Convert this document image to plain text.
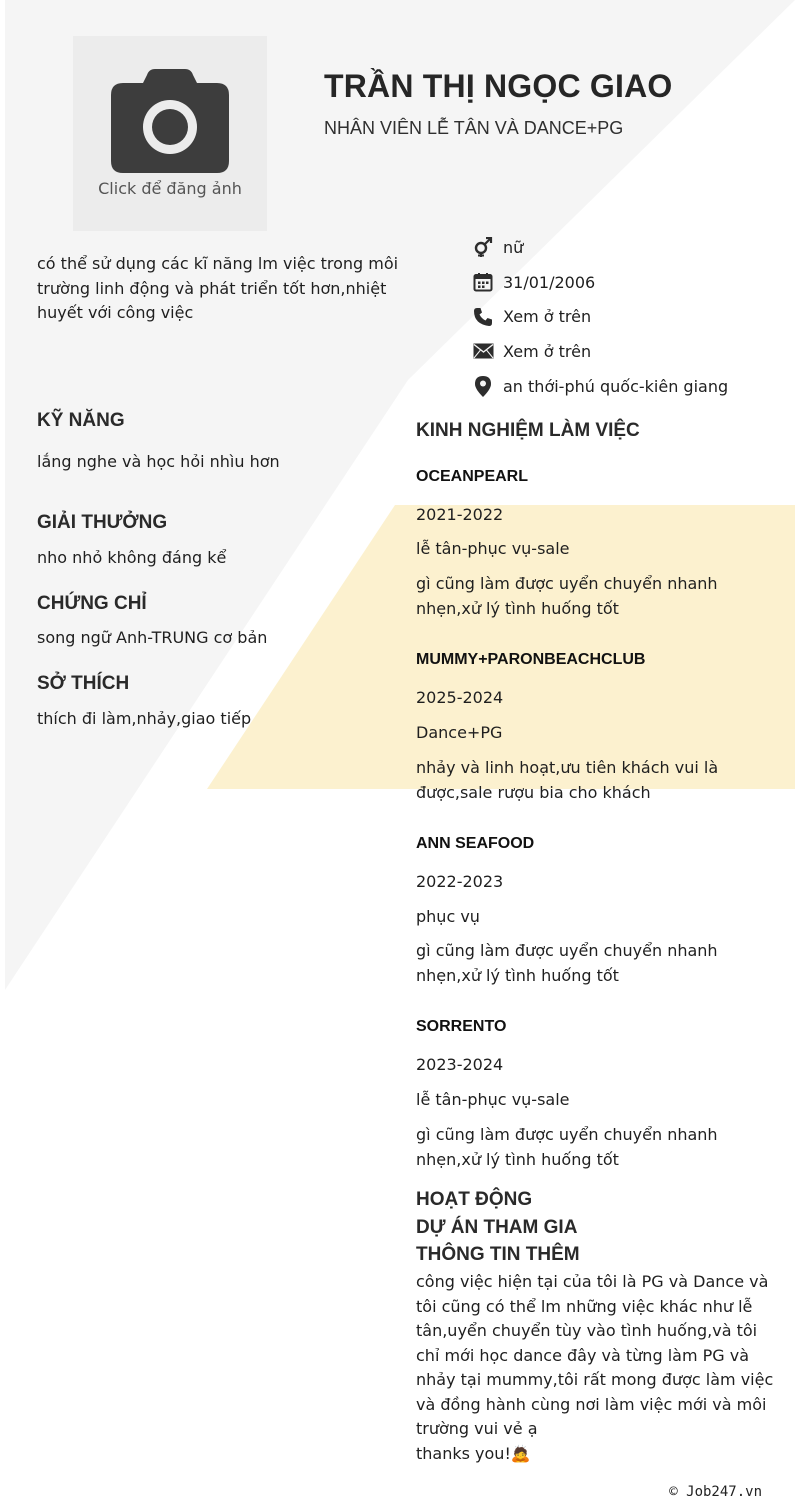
Click để đăng ảnh
TRẦN THỊ NGỌC GIAO
NHÂN VIÊN LỄ TÂN VÀ DANCE+PG
có thể sử dụng các kĩ năng lm việc trong môi trường linh động và phát triển tốt hơn,nhiệt huyết với công việc
nữ
31/01/2006
Xem ở trên
Xem ở trên
an thới-phú quốc-kiên giang
KỸ NĂNG
lắng nghe và học hỏi nhìu hơn
GIẢI THƯỞNG
nho nhỏ không đáng kể
CHỨNG CHỈ
song ngữ Anh-TRUNG cơ bản
SỞ THÍCH
thích đi làm,nhảy,giao tiếp
KINH NGHIỆM LÀM VIỆC
OCEANPEARL
2021-2022
lễ tân-phục vụ-sale
gì cũng làm được uyển chuyển nhanh nhẹn,xử lý tình huống tốt
MUMMY+PARONBEACHCLUB
2025-2024
Dance+PG
nhảy và linh hoạt,ưu tiên khách vui là được,sale rượu bia cho khách
ANN SEAFOOD
2022-2023
phục vụ
gì cũng làm được uyển chuyển nhanh nhẹn,xử lý tình huống tốt
SORRENTO
2023-2024
lễ tân-phục vụ-sale
gì cũng làm được uyển chuyển nhanh nhẹn,xử lý tình huống tốt
HOẠT ĐỘNG
DỰ ÁN THAM GIA
THÔNG TIN THÊM
công việc hiện tại của tôi là PG và Dance và tôi cũng có thể lm những việc khác như lễ tân,uyển chuyển tùy vào tình huống,và tôi chỉ mới học dance đây và từng làm PG và nhảy tại mummy,tôi rất mong được làm việc và đồng hành cùng nơi làm việc mới và môi trường vui vẻ ạ
thanks you!🙇
© Job247.vn
